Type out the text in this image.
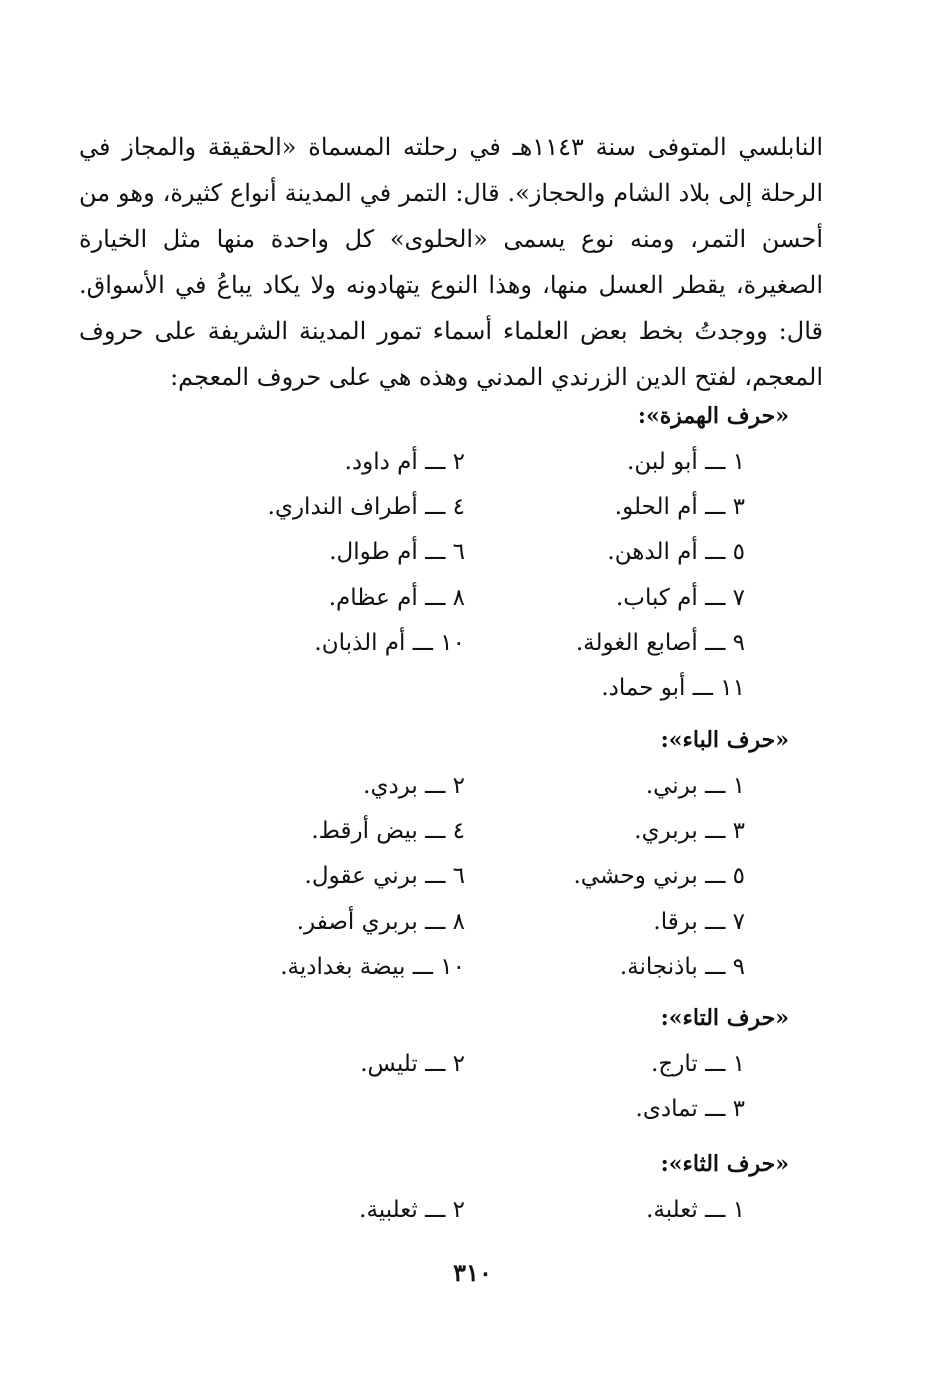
النابلسي المتوفى سنة ١١٤٣هـ في رحلته المسماة «الحقيقة والمجاز في الرحلة إلى بلاد الشام والحجاز». قال: التمر في المدينة أنواع كثيرة، وهو من أحسن التمر، ومنه نوع يسمى «الحلوى» كل واحدة منها مثل الخيارة الصغيرة، يقطر العسل منها، وهذا النوع يتهادونه ولا يكاد يباعُ في الأسواق. قال: ووجدتُ بخط بعض العلماء أسماء تمور المدينة الشريفة على حروف المعجم، لفتح الدين الزرندي المدني وهذه هي على حروف المعجم:
«حرف الهمزة»:
١ ـــ أبو لبن.
٢ ـــ أم داود.
٣ ـــ أم الحلو.
٤ ـــ أطراف النداري.
٥ ـــ أم الدهن.
٦ ـــ أم طوال.
٧ ـــ أم كباب.
٨ ـــ أم عظام.
٩ ـــ أصابع الغولة.
١٠ ـــ أم الذبان.
١١ ـــ أبو حماد.
«حرف الباء»:
١ ـــ برني.
٢ ـــ بردي.
٣ ـــ بربري.
٤ ـــ بيض أرقط.
٥ ـــ برني وحشي.
٦ ـــ برني عقول.
٧ ـــ برقا.
٨ ـــ بربري أصفر.
٩ ـــ باذنجانة.
١٠ ـــ بيضة بغدادية.
«حرف التاء»:
١ ـــ تارج.
٢ ـــ تليس.
٣ ـــ تمادى.
«حرف الثاء»:
١ ـــ ثعلبة.
٢ ـــ ثعلبية.
٣١٠
